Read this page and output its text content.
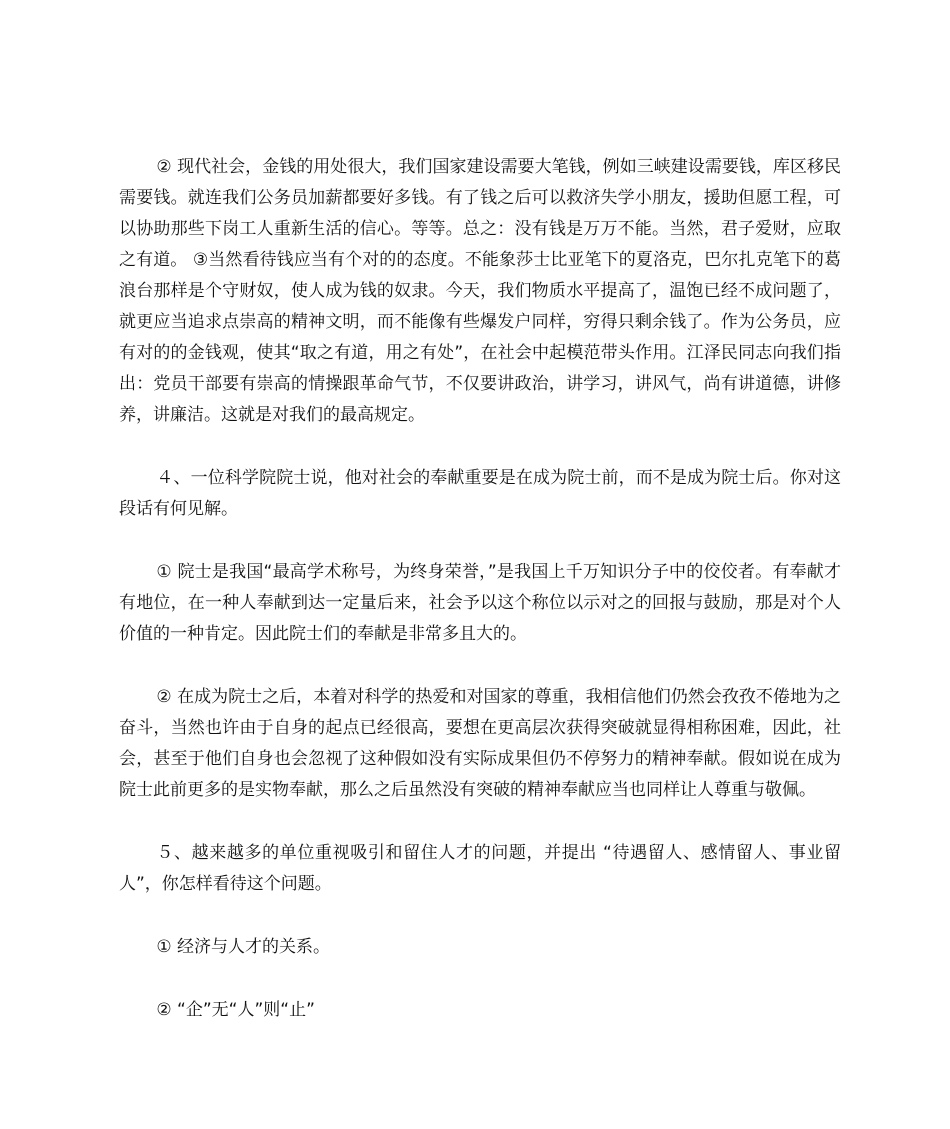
② 现代社会，金钱的用处很大，我们国家建设需要大笔钱，例如三峡建设需要钱，库区移民需要钱。就连我们公务员加薪都要好多钱。有了钱之后可以救济失学小朋友，援助但愿工程，可以协助那些下岗工人重新生活的信心。等等。总之：没有钱是万万不能。当然，君子爱财，应取之有道。 ③当然看待钱应当有个对的的态度。不能象莎士比亚笔下的夏洛克，巴尔扎克笔下的葛浪台那样是个守财奴，使人成为钱的奴隶。今天，我们物质水平提高了，温饱已经不成问题了，就更应当追求点崇高的精神文明，而不能像有些爆发户同样，穷得只剩余钱了。作为公务员，应有对的的金钱观，使其“取之有道，用之有处”，在社会中起模范带头作用。江泽民同志向我们指出：党员干部要有崇高的情操跟革命气节，不仅要讲政治，讲学习，讲风气，尚有讲道德，讲修养，讲廉洁。这就是对我们的最高规定。

４、一位科学院院士说，他对社会的奉献重要是在成为院士前，而不是成为院士后。你对这段话有何见解。

① 院士是我国“最高学术称号，为终身荣誉，”是我国上千万知识分子中的佼佼者。有奉献才有地位，在一种人奉献到达一定量后来，社会予以这个称位以示对之的回报与鼓励，那是对个人价值的一种肯定。因此院士们的奉献是非常多且大的。

② 在成为院士之后，本着对科学的热爱和对国家的尊重，我相信他们仍然会孜孜不倦地为之奋斗，当然也许由于自身的起点已经很高，要想在更高层次获得突破就显得相称困难，因此，社会，甚至于他们自身也会忽视了这种假如没有实际成果但仍不停努力的精神奉献。假如说在成为院士此前更多的是实物奉献，那么之后虽然没有突破的精神奉献应当也同样让人尊重与敬佩。

５、越来越多的单位重视吸引和留住人才的问题，并提出 “待遇留人、感情留人、事业留人”，你怎样看待这个问题。

① 经济与人才的关系。

② “企”无“人”则“止”
